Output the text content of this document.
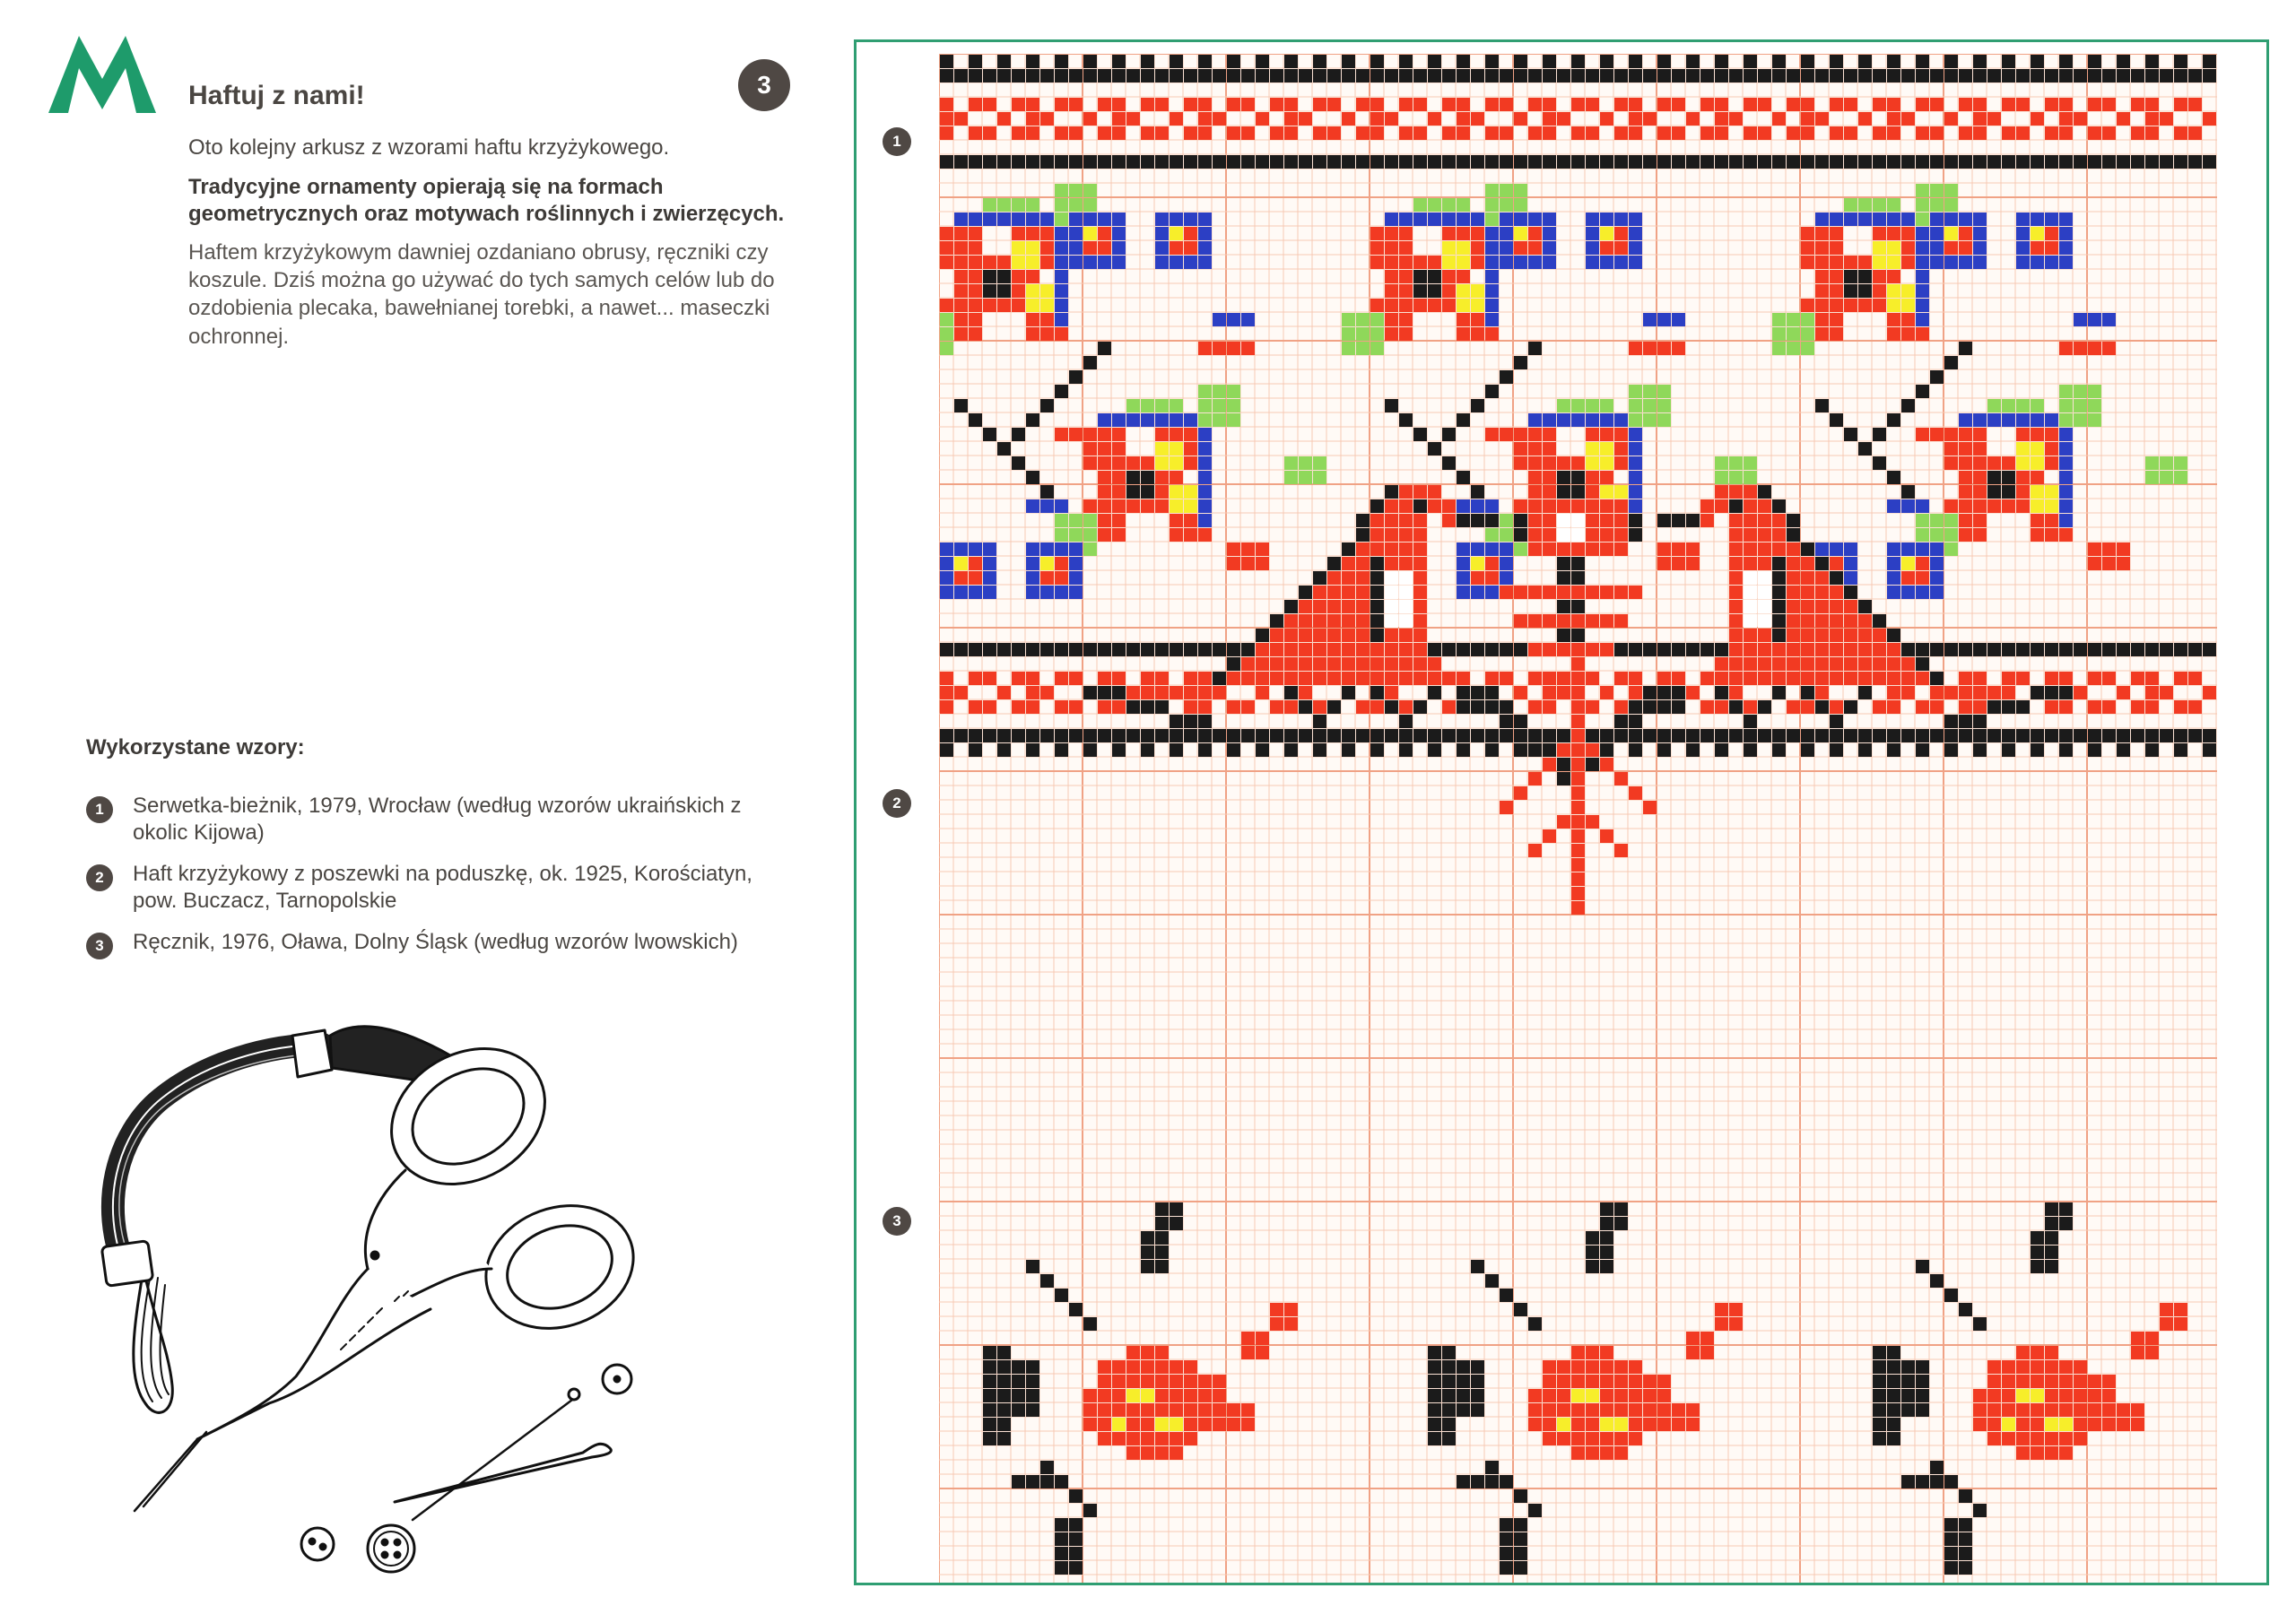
3
Haftuj z nami!
Oto kolejny arkusz z wzorami haftu krzyżykowego.
Tradycyjne ornamenty opierają się na formach geometrycznych oraz motywach roślinnych i zwierzęcych.
Haftem krzyżykowym dawniej ozdaniano obrusy, ręczniki czy koszule. Dziś można go używać do tych samych celów lub do ozdobienia plecaka, bawełnianej torebki, a nawet... maseczki ochronnej.
Wykorzystane wzory:
1	Serwetka-bieżnik, 1979, Wrocław (według wzorów ukraińskich z okolic Kijowa)
2	Haft krzyżykowy z poszewki na poduszkę, ok. 1925, Korościatyn, pow. Buczacz, Tarnopolskie
3	Ręcznik, 1976, Oława, Dolny Śląsk (według wzorów lwowskich)
1
2
3
